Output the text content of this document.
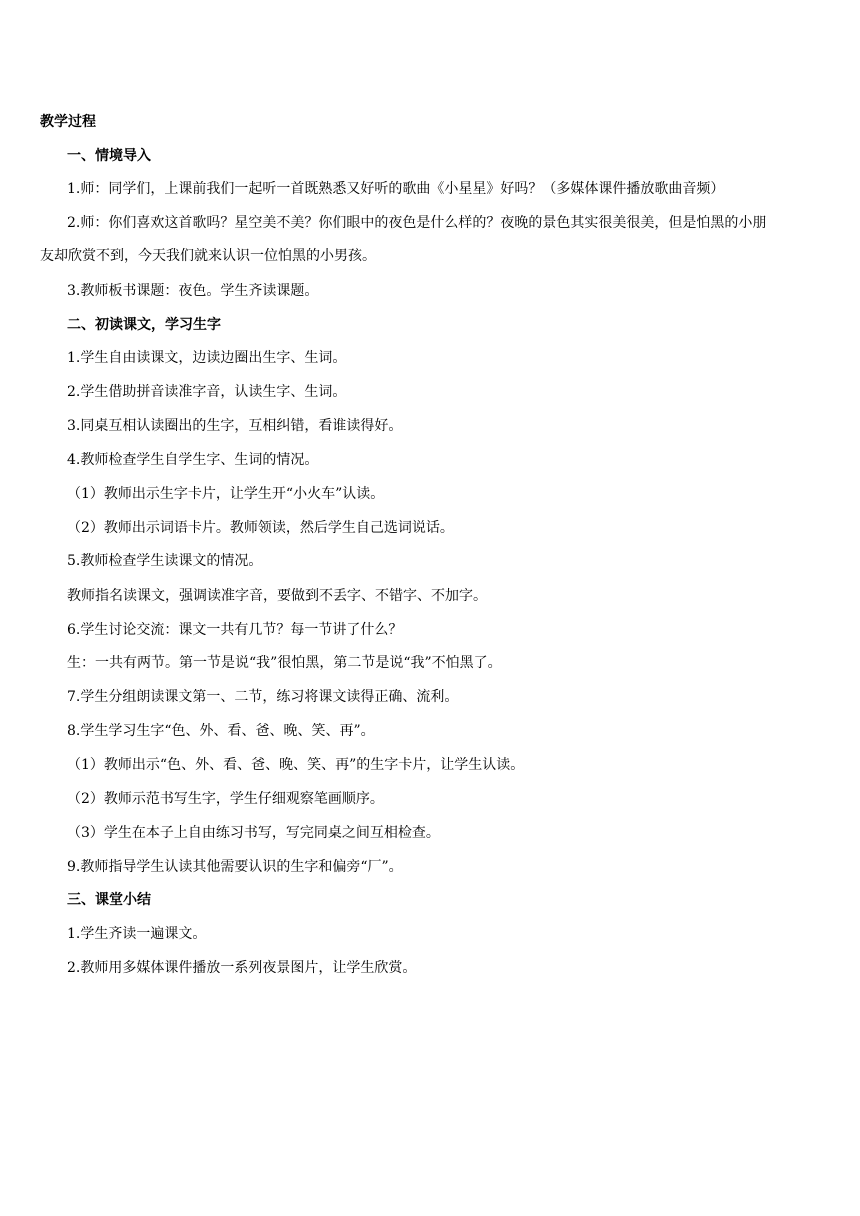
教学过程
一、情境导入
1.师：同学们，上课前我们一起听一首既熟悉又好听的歌曲《小星星》好吗？（多媒体课件播放歌曲音频）
2.师：你们喜欢这首歌吗？星空美不美？你们眼中的夜色是什么样的？夜晚的景色其实很美很美，但是怕黑的小朋
友却欣赏不到，今天我们就来认识一位怕黑的小男孩。
3.教师板书课题：夜色。学生齐读课题。
二、初读课文，学习生字
1.学生自由读课文，边读边圈出生字、生词。
2.学生借助拼音读准字音，认读生字、生词。
3.同桌互相认读圈出的生字，互相纠错，看谁读得好。
4.教师检查学生自学生字、生词的情况。
（1）教师出示生字卡片，让学生开“小火车”认读。
（2）教师出示词语卡片。教师领读，然后学生自己选词说话。
5.教师检查学生读课文的情况。
教师指名读课文，强调读准字音，要做到不丢字、不错字、不加字。
6.学生讨论交流：课文一共有几节？每一节讲了什么？
生：一共有两节。第一节是说“我”很怕黑，第二节是说“我”不怕黑了。
7.学生分组朗读课文第一、二节，练习将课文读得正确、流利。
8.学生学习生字“色、外、看、爸、晚、笑、再”。
（1）教师出示“色、外、看、爸、晚、笑、再”的生字卡片，让学生认读。
（2）教师示范书写生字，学生仔细观察笔画顺序。
（3）学生在本子上自由练习书写，写完同桌之间互相检查。
9.教师指导学生认读其他需要认识的生字和偏旁“厂”。
三、课堂小结
1.学生齐读一遍课文。
2.教师用多媒体课件播放一系列夜景图片，让学生欣赏。
